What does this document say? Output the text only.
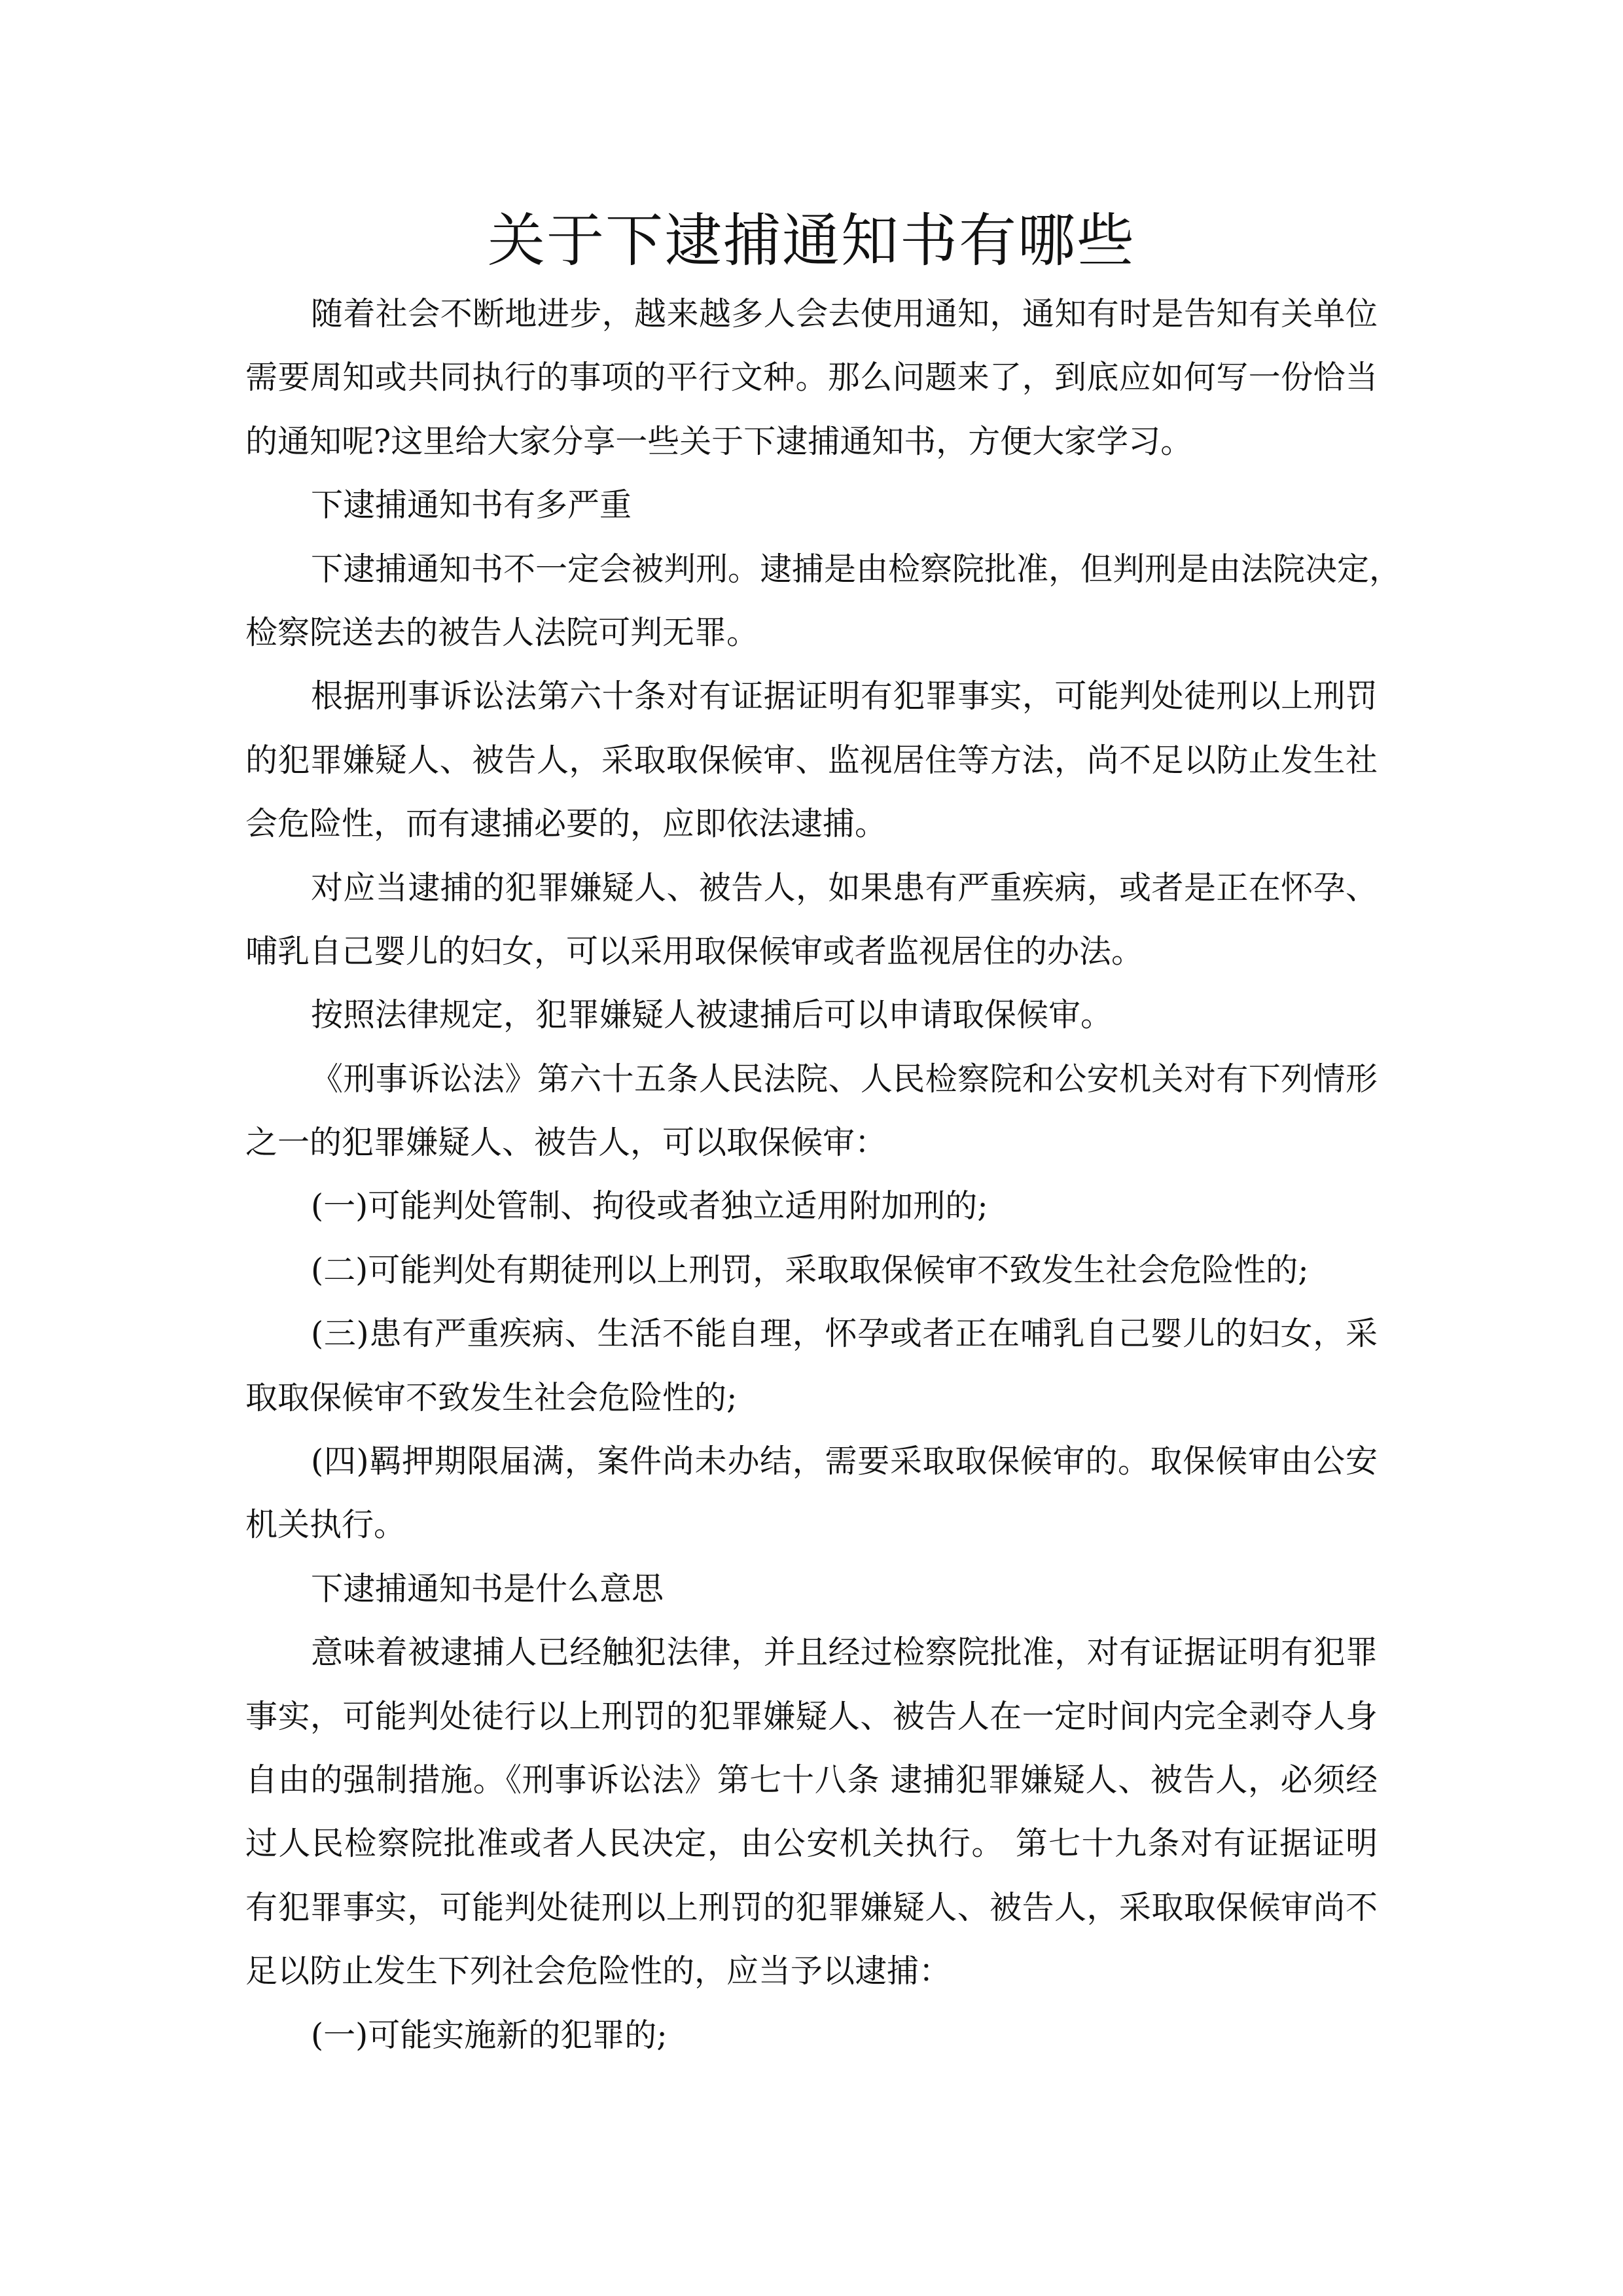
关于下逮捕通知书有哪些
随着社会不断地进步，越来越多人会去使用通知，通知有时是告知有关单位
需要周知或共同执行的事项的平行文种。那么问题来了，到底应如何写一份恰当
的通知呢?这里给大家分享一些关于下逮捕通知书，方便大家学习。
下逮捕通知书有多严重
下逮捕通知书不一定会被判刑。逮捕是由检察院批准，但判刑是由法院决定，
检察院送去的被告人法院可判无罪。
根据刑事诉讼法第六十条对有证据证明有犯罪事实，可能判处徒刑以上刑罚
的犯罪嫌疑人、被告人，采取取保候审、监视居住等方法，尚不足以防止发生社
会危险性，而有逮捕必要的，应即依法逮捕。
对应当逮捕的犯罪嫌疑人、被告人，如果患有严重疾病，或者是正在怀孕、
哺乳自己婴儿的妇女，可以采用取保候审或者监视居住的办法。
按照法律规定，犯罪嫌疑人被逮捕后可以申请取保候审。
《刑事诉讼法》第六十五条人民法院、人民检察院和公安机关对有下列情形
之一的犯罪嫌疑人、被告人，可以取保候审：
(一)可能判处管制、拘役或者独立适用附加刑的;
(二)可能判处有期徒刑以上刑罚，采取取保候审不致发生社会危险性的;
(三)患有严重疾病、生活不能自理，怀孕或者正在哺乳自己婴儿的妇女，采
取取保候审不致发生社会危险性的;
(四)羁押期限届满，案件尚未办结，需要采取取保候审的。取保候审由公安
机关执行。
下逮捕通知书是什么意思
意味着被逮捕人已经触犯法律，并且经过检察院批准，对有证据证明有犯罪
事实，可能判处徒行以上刑罚的犯罪嫌疑人、被告人在一定时间内完全剥夺人身
自由的强制措施。《刑事诉讼法》第七十八条 逮捕犯罪嫌疑人、被告人，必须经
过人民检察院批准或者人民决定，由公安机关执行。 第七十九条对有证据证明
有犯罪事实，可能判处徒刑以上刑罚的犯罪嫌疑人、被告人，采取取保候审尚不
足以防止发生下列社会危险性的，应当予以逮捕：
(一)可能实施新的犯罪的;
